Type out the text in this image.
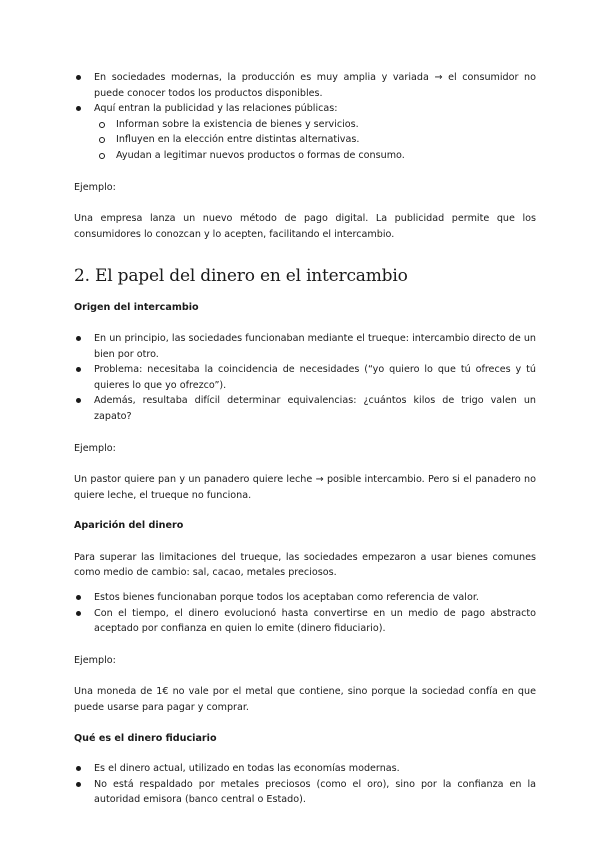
En sociedades modernas, la producción es muy amplia y variada → el consumidor no puede conocer todos los productos disponibles.
Aquí entran la publicidad y las relaciones públicas:
Informan sobre la existencia de bienes y servicios.
Influyen en la elección entre distintas alternativas.
Ayudan a legitimar nuevos productos o formas de consumo.

Ejemplo:

Una empresa lanza un nuevo método de pago digital. La publicidad permite que los consumidores lo conozcan y lo acepten, facilitando el intercambio.

2. El papel del dinero en el intercambio

Origen del intercambio

En un principio, las sociedades funcionaban mediante el trueque: intercambio directo de un bien por otro.
Problema: necesitaba la coincidencia de necesidades (“yo quiero lo que tú ofreces y tú quieres lo que yo ofrezco”).
Además, resultaba difícil determinar equivalencias: ¿cuántos kilos de trigo valen un zapato?

Ejemplo:

Un pastor quiere pan y un panadero quiere leche → posible intercambio. Pero si el panadero no quiere leche, el trueque no funciona.

Aparición del dinero

Para superar las limitaciones del trueque, las sociedades empezaron a usar bienes comunes como medio de cambio: sal, cacao, metales preciosos.

Estos bienes funcionaban porque todos los aceptaban como referencia de valor.
Con el tiempo, el dinero evolucionó hasta convertirse en un medio de pago abstracto aceptado por confianza en quien lo emite (dinero fiduciario).

Ejemplo:

Una moneda de 1€ no vale por el metal que contiene, sino porque la sociedad confía en que puede usarse para pagar y comprar.

Qué es el dinero fiduciario

Es el dinero actual, utilizado en todas las economías modernas.
No está respaldado por metales preciosos (como el oro), sino por la confianza en la autoridad emisora (banco central o Estado).
